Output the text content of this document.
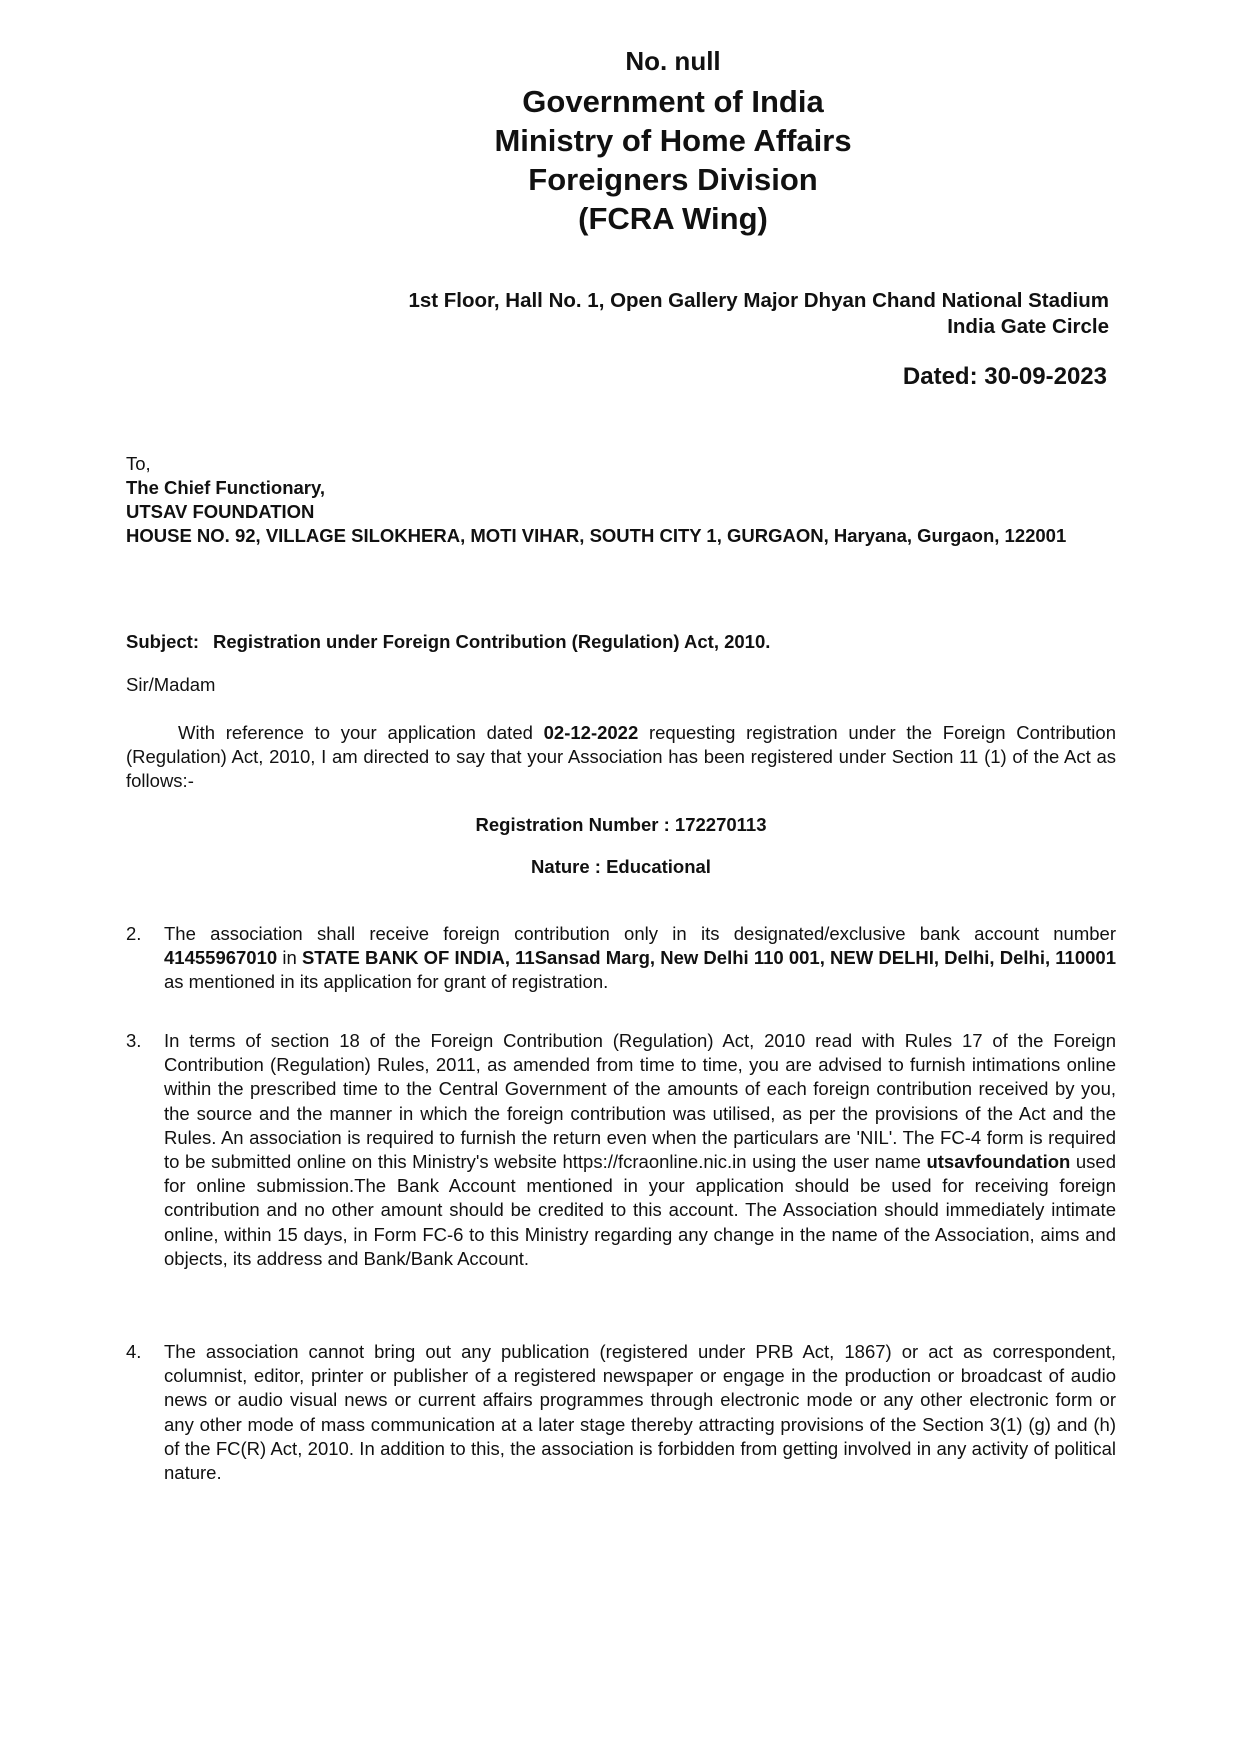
No. null

Government of India

Ministry of Home Affairs

Foreigners Division

(FCRA Wing)

1st Floor, Hall No. 1, Open Gallery Major Dhyan Chand National Stadium
India Gate Circle
Dated: 30-09-2023
To,
The Chief Functionary,
UTSAV FOUNDATION
HOUSE NO. 92, VILLAGE SILOKHERA, MOTI VIHAR, SOUTH CITY 1, GURGAON, Haryana, Gurgaon, 122001
Subject: Registration under Foreign Contribution (Regulation) Act, 2010.
Sir/Madam
With reference to your application dated 02-12-2022 requesting registration under the Foreign Contribution (Regulation) Act, 2010, I am directed to say that your Association has been registered under Section 11 (1) of the Act as follows:-
Registration Number : 172270113
Nature : Educational
2. The association shall receive foreign contribution only in its designated/exclusive bank account number 41455967010 in STATE BANK OF INDIA, 11Sansad Marg, New Delhi 110 001, NEW DELHI, Delhi, Delhi, 110001 as mentioned in its application for grant of registration.
3. In terms of section 18 of the Foreign Contribution (Regulation) Act, 2010 read with Rules 17 of the Foreign Contribution (Regulation) Rules, 2011, as amended from time to time, you are advised to furnish intimations online within the prescribed time to the Central Government of the amounts of each foreign contribution received by you, the source and the manner in which the foreign contribution was utilised, as per the provisions of the Act and the Rules. An association is required to furnish the return even when the particulars are 'NIL'. The FC-4 form is required to be submitted online on this Ministry's website https://fcraonline.nic.in using the user name utsavfoundation used for online submission.The Bank Account mentioned in your application should be used for receiving foreign contribution and no other amount should be credited to this account. The Association should immediately intimate online, within 15 days, in Form FC-6 to this Ministry regarding any change in the name of the Association, aims and objects, its address and Bank/Bank Account.
4. The association cannot bring out any publication (registered under PRB Act, 1867) or act as correspondent, columnist, editor, printer or publisher of a registered newspaper or engage in the production or broadcast of audio news or audio visual news or current affairs programmes through electronic mode or any other electronic form or any other mode of mass communication at a later stage thereby attracting provisions of the Section 3(1) (g) and (h) of the FC(R) Act, 2010. In addition to this, the association is forbidden from getting involved in any activity of political nature.
